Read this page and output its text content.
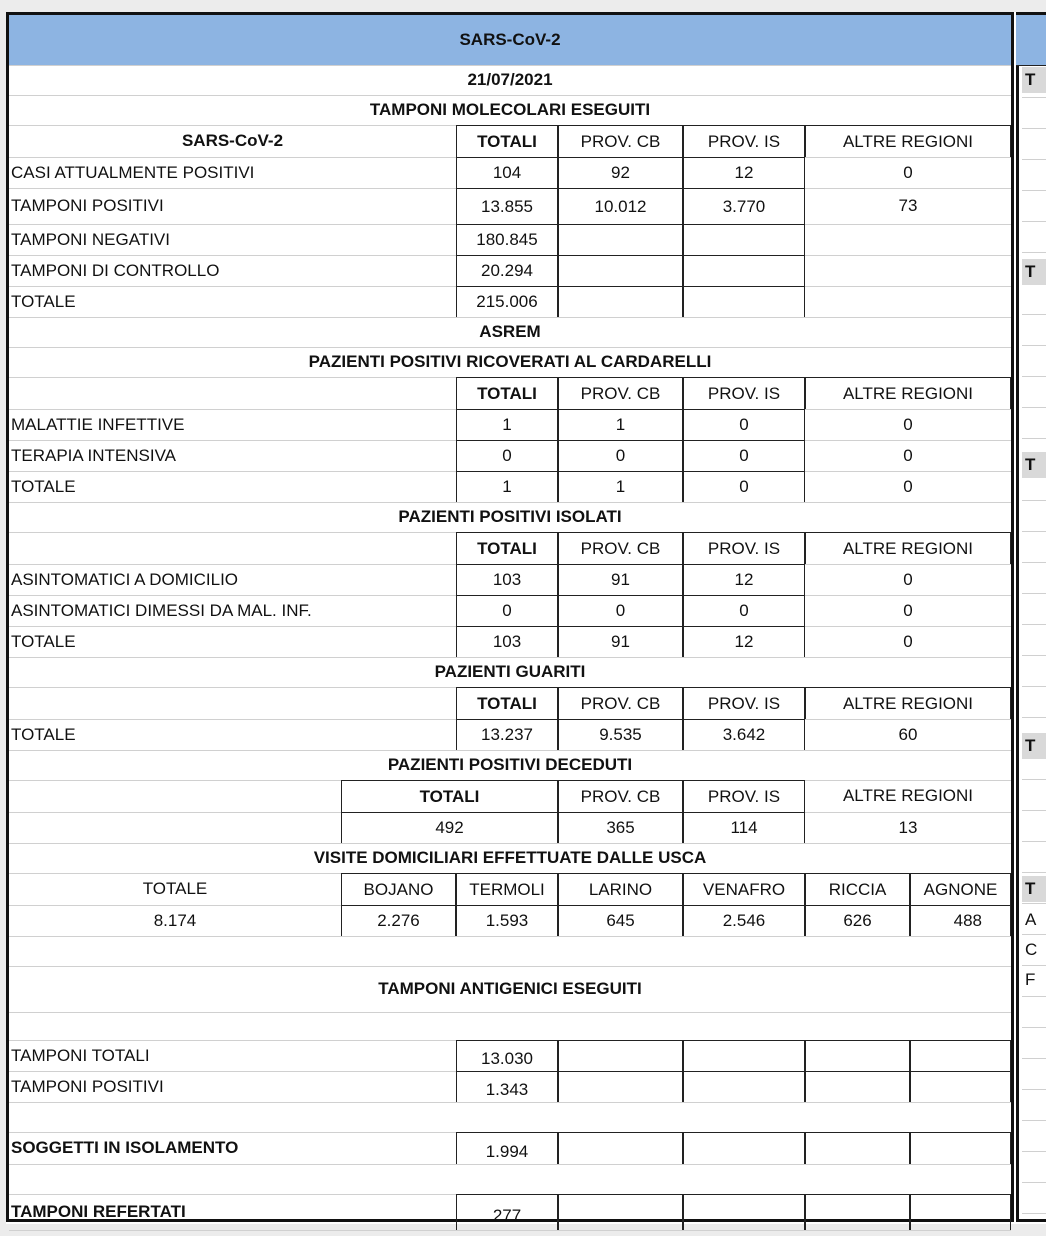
SARS-CoV-2
21/07/2021
TAMPONI MOLECOLARI ESEGUITI
SARS-CoV-2	TOTALI	PROV. CB	PROV. IS	ALTRE REGIONI
CASI ATTUALMENTE POSITIVI	104	92	12	0
TAMPONI POSITIVI	13.855	10.012	3.770	73
TAMPONI NEGATIVI	180.845
TAMPONI DI CONTROLLO	20.294
TOTALE	215.006
ASREM
PAZIENTI POSITIVI RICOVERATI AL CARDARELLI
TOTALI	PROV. CB	PROV. IS	ALTRE REGIONI
MALATTIE INFETTIVE	1	1	0	0
TERAPIA INTENSIVA	0	0	0	0
TOTALE	1	1	0	0
PAZIENTI POSITIVI ISOLATI
TOTALI	PROV. CB	PROV. IS	ALTRE REGIONI
ASINTOMATICI A DOMICILIO	103	91	12	0
ASINTOMATICI DIMESSI DA MAL. INF.	0	0	0	0
TOTALE	103	91	12	0
PAZIENTI GUARITI
TOTALI	PROV. CB	PROV. IS	ALTRE REGIONI
TOTALE	13.237	9.535	3.642	60
PAZIENTI POSITIVI DECEDUTI
TOTALI	PROV. CB	PROV. IS	ALTRE REGIONI
492	365	114	13
VISITE DOMICILIARI EFFETTUATE DALLE USCA
TOTALE	BOJANO	TERMOLI	LARINO	VENAFRO	RICCIA	AGNONE
8.174	2.276	1.593	645	2.546	626	488
TAMPONI ANTIGENICI ESEGUITI
TAMPONI TOTALI	13.030
TAMPONI POSITIVI	1.343
SOGGETTI IN ISOLAMENTO	1.994
TAMPONI REFERTATI	277
T
T
T
T
T
A
C
F
